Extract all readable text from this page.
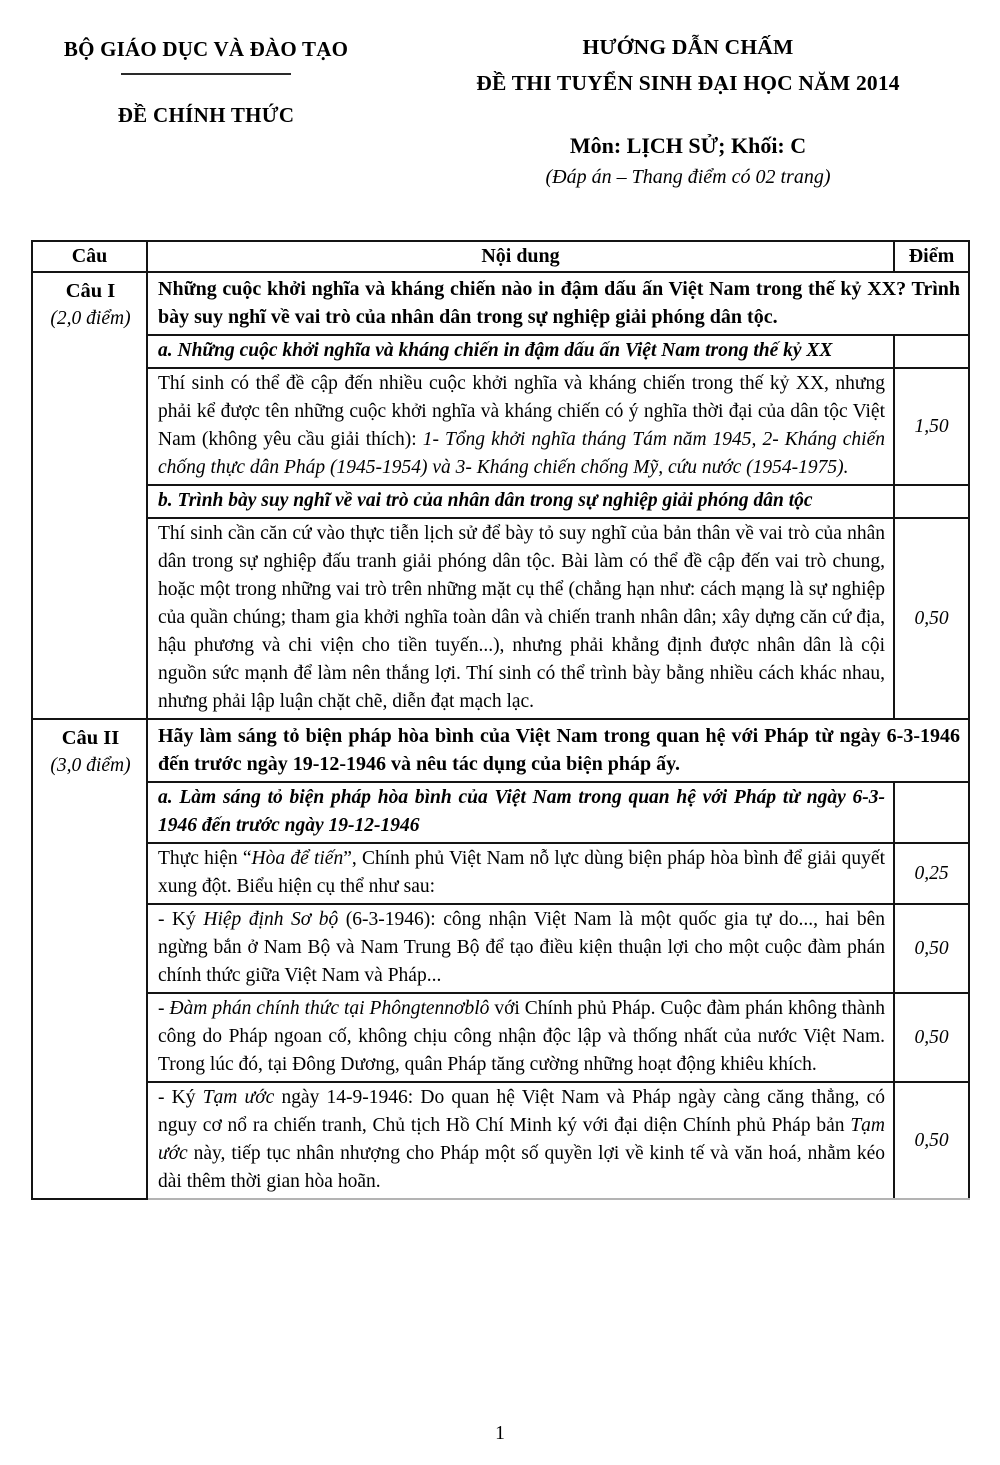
BỘ GIÁO DỤC VÀ ĐÀO TẠO
ĐỀ CHÍNH THỨC
HƯỚNG DẪN CHẤM
ĐỀ THI TUYỂN SINH ĐẠI HỌC NĂM 2014
Môn: LỊCH SỬ; Khối: C
(Đáp án – Thang điểm có 02 trang)
Câu	Nội dung	Điểm

Câu I
(2,0 điểm)	Những cuộc khởi nghĩa và kháng chiến nào in đậm dấu ấn Việt Nam trong thế kỷ XX? Trình bày suy nghĩ về vai trò của nhân dân trong sự nghiệp giải phóng dân tộc.	
	a. Những cuộc khởi nghĩa và kháng chiến in đậm dấu ấn Việt Nam trong thế kỷ XX	
	Thí sinh có thể đề cập đến nhiều cuộc khởi nghĩa và kháng chiến trong thế kỷ XX, nhưng phải kể được tên những cuộc khởi nghĩa và kháng chiến có ý nghĩa thời đại của dân tộc Việt Nam (không yêu cầu giải thích): 1- Tổng khởi nghĩa tháng Tám năm 1945, 2- Kháng chiến chống thực dân Pháp (1945-1954) và 3- Kháng chiến chống Mỹ, cứu nước (1954-1975).	1,50
	b. Trình bày suy nghĩ về vai trò của nhân dân trong sự nghiệp giải phóng dân tộc	
	Thí sinh cần căn cứ vào thực tiễn lịch sử để bày tỏ suy nghĩ của bản thân về vai trò của nhân dân trong sự nghiệp đấu tranh giải phóng dân tộc. Bài làm có thể đề cập đến vai trò chung, hoặc một trong những vai trò trên những mặt cụ thể (chẳng hạn như: cách mạng là sự nghiệp của quần chúng; tham gia khởi nghĩa toàn dân và chiến tranh nhân dân; xây dựng căn cứ địa, hậu phương và chi viện cho tiền tuyến...), nhưng phải khẳng định được nhân dân là cội nguồn sức mạnh để làm nên thắng lợi. Thí sinh có thể trình bày bằng nhiều cách khác nhau, nhưng phải lập luận chặt chẽ, diễn đạt mạch lạc.	0,50

Câu II
(3,0 điểm)	Hãy làm sáng tỏ biện pháp hòa bình của Việt Nam trong quan hệ với Pháp từ ngày 6-3-1946 đến trước ngày 19-12-1946 và nêu tác dụng của biện pháp ấy.	
	a. Làm sáng tỏ biện pháp hòa bình của Việt Nam trong quan hệ với Pháp từ ngày 6-3-1946 đến trước ngày 19-12-1946	
	Thực hiện “Hòa để tiến”, Chính phủ Việt Nam nỗ lực dùng biện pháp hòa bình để giải quyết xung đột. Biểu hiện cụ thể như sau:	0,25
	- Ký Hiệp định Sơ bộ (6-3-1946): công nhận Việt Nam là một quốc gia tự do..., hai bên ngừng bắn ở Nam Bộ và Nam Trung Bộ để tạo điều kiện thuận lợi cho một cuộc đàm phán chính thức giữa Việt Nam và Pháp...	0,50
	- Đàm phán chính thức tại Phôngtennơblô với Chính phủ Pháp. Cuộc đàm phán không thành công do Pháp ngoan cố, không chịu công nhận độc lập và thống nhất của nước Việt Nam. Trong lúc đó, tại Đông Dương, quân Pháp tăng cường những hoạt động khiêu khích.	0,50
	- Ký Tạm ước ngày 14-9-1946: Do quan hệ Việt Nam và Pháp ngày càng căng thẳng, có nguy cơ nổ ra chiến tranh, Chủ tịch Hồ Chí Minh ký với đại diện Chính phủ Pháp bản Tạm ước này, tiếp tục nhân nhượng cho Pháp một số quyền lợi về kinh tế và văn hoá, nhằm kéo dài thêm thời gian hòa hoãn.	0,50
1
